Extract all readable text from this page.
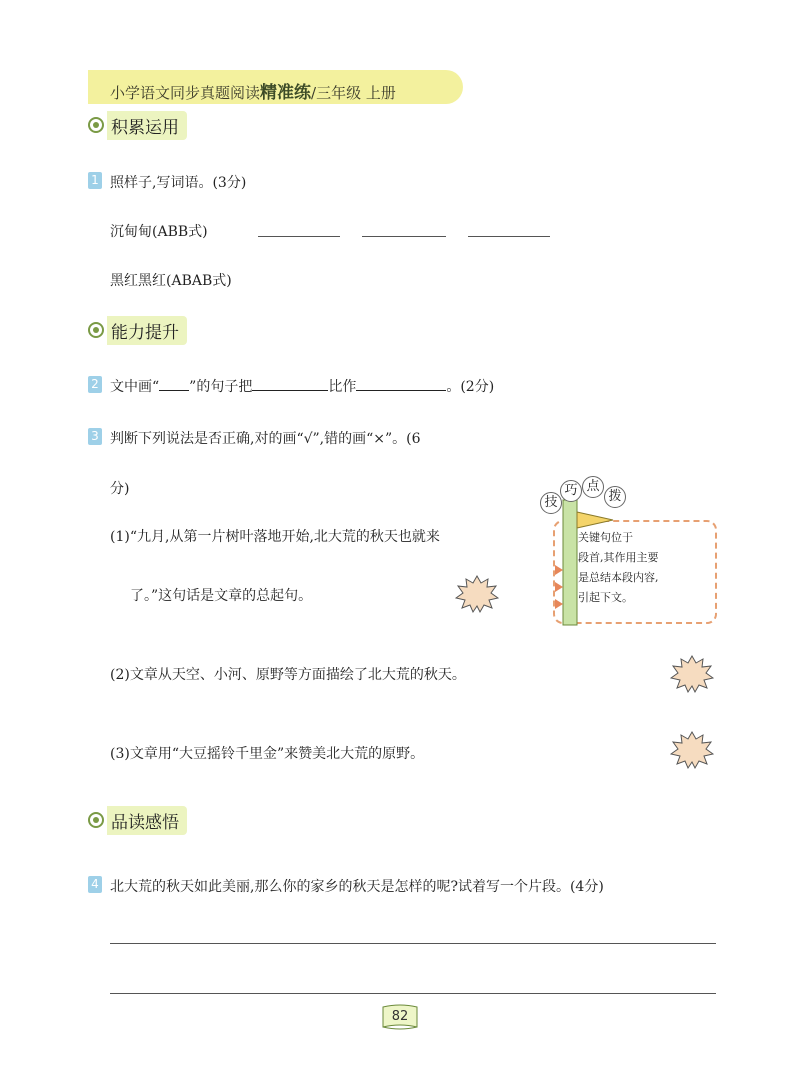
小学语文同步真题阅读精准练/三年级 上册
积累运用
1 照样子,写词语。(3分)
沉甸甸(ABB式)
黑红黑红(ABAB式)
能力提升
2 文中画“ ”的句子把	比作	。(2分)
3 判断下列说法是否正确,对的画“√”,错的画“×”。(6
分)
(1)“九月,从第一片树叶落地开始,北大荒的秋天也就来
了。”这句话是文章的总起句。
(2)文章从天空、小河、原野等方面描绘了北大荒的秋天。
(3)文章用“大豆摇铃千里金”来赞美北大荒的原野。
技
巧 点
拨
关键句位于
段首,其作用主要
是总结本段内容,
引起下文。
品读感悟
4 北大荒的秋天如此美丽,那么你的家乡的秋天是怎样的呢?试着写一个片段。(4分)
82
